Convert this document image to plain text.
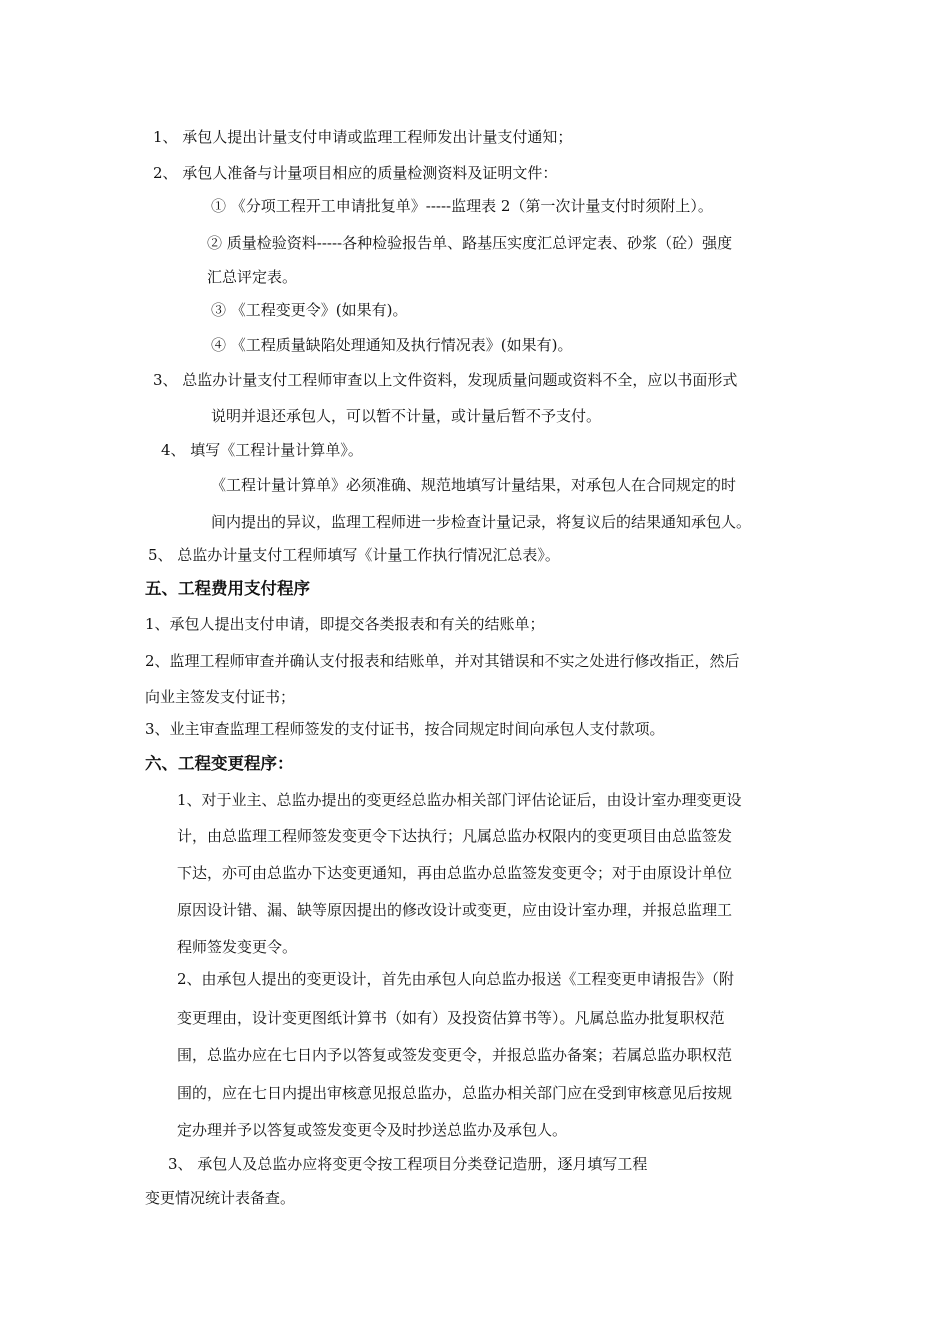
1、 承包人提出计量支付申请或监理工程师发出计量支付通知；
2、 承包人准备与计量项目相应的质量检测资料及证明文件：
① 《分项工程开工申请批复单》-----监理表 2（第一次计量支付时须附上）。
② 质量检验资料-----各种检验报告单、路基压实度汇总评定表、砂浆（砼）强度
汇总评定表。
③ 《工程变更令》(如果有)。
④ 《工程质量缺陷处理通知及执行情况表》(如果有)。
3、 总监办计量支付工程师审查以上文件资料，发现质量问题或资料不全，应以书面形式
说明并退还承包人，可以暂不计量，或计量后暂不予支付。
4、 填写《工程计量计算单》。
《工程计量计算单》必须准确、规范地填写计量结果，对承包人在合同规定的时
间内提出的异议，监理工程师进一步检查计量记录，将复议后的结果通知承包人。
5、 总监办计量支付工程师填写《计量工作执行情况汇总表》。
五、工程费用支付程序
1、承包人提出支付申请，即提交各类报表和有关的结账单；
2、监理工程师审查并确认支付报表和结账单，并对其错误和不实之处进行修改指正，然后
向业主签发支付证书；
3、业主审查监理工程师签发的支付证书，按合同规定时间向承包人支付款项。
六、工程变更程序：
1、对于业主、总监办提出的变更经总监办相关部门评估论证后，由设计室办理变更设
计，由总监理工程师签发变更令下达执行；凡属总监办权限内的变更项目由总监签发
下达，亦可由总监办下达变更通知，再由总监办总监签发变更令；对于由原设计单位
原因设计错、漏、缺等原因提出的修改设计或变更，应由设计室办理，并报总监理工
程师签发变更令。
2、由承包人提出的变更设计，首先由承包人向总监办报送《工程变更申请报告》（附
变更理由，设计变更图纸计算书（如有）及投资估算书等）。凡属总监办批复职权范
围，总监办应在七日内予以答复或签发变更令，并报总监办备案；若属总监办职权范
围的，应在七日内提出审核意见报总监办，总监办相关部门应在受到审核意见后按规
定办理并予以答复或签发变更令及时抄送总监办及承包人。
3、 承包人及总监办应将变更令按工程项目分类登记造册，逐月填写工程
变更情况统计表备查。
